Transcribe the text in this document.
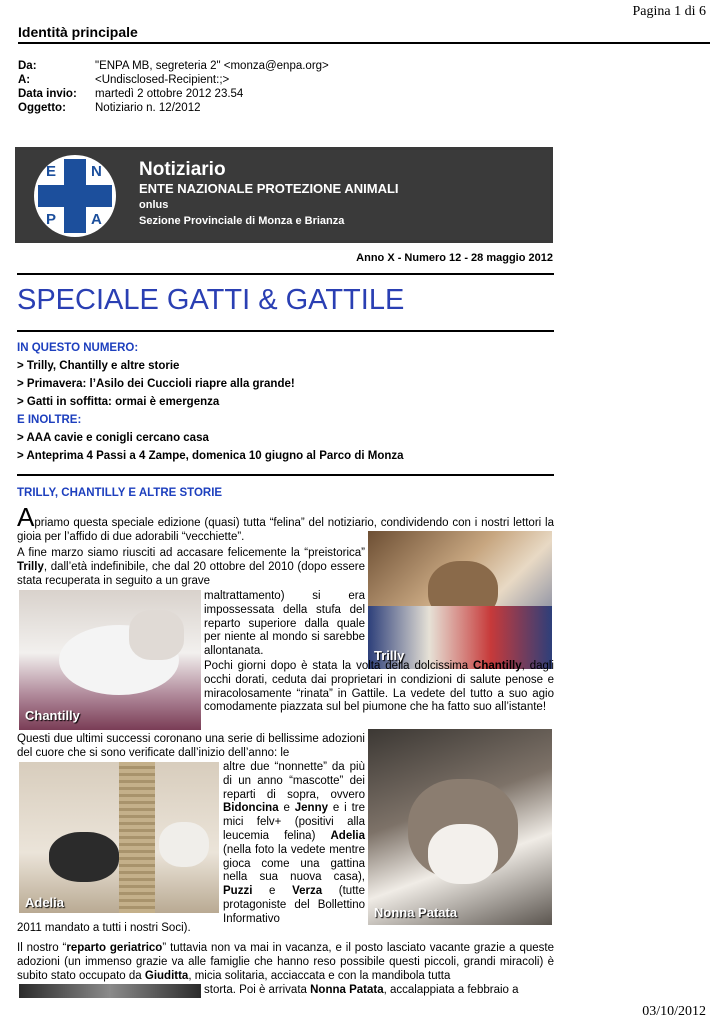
Pagina 1 di 6
Identità principale
Da:	"ENPA MB, segreteria 2" <monza@enpa.org>
A:	<Undisclosed-Recipient:;>
Data invio: martedì 2 ottobre 2012 23.54
Oggetto:	Notiziario n. 12/2012
E N
P A
Notiziario
ENTE NAZIONALE PROTEZIONE ANIMALI
onlus
Sezione Provinciale di Monza e Brianza
Anno X - Numero 12 - 28 maggio 2012
SPECIALE GATTI & GATTILE
IN QUESTO NUMERO:
> Trilly, Chantilly e altre storie
> Primavera: l’Asilo dei Cuccioli riapre alla grande!
> Gatti in soffitta: ormai è emergenza
E INOLTRE:
> AAA cavie e conigli cercano casa
> Anteprima 4 Passi a 4 Zampe, domenica 10 giugno al Parco di Monza
TRILLY, CHANTILLY E ALTRE STORIE
Apriamo questa speciale edizione (quasi) tutta “felina” del notiziario, condividendo con i nostri lettori la gioia per l’affido di due adorabili “vecchiette”.
Trilly
A fine marzo siamo riusciti ad accasare felicemente la “preistorica” Trilly, dall’età indefinibile, che dal 20 ottobre del 2010 (dopo essere stata recuperata in seguito a un grave
Chantilly
maltrattamento) si era impossessata della stufa del reparto superiore dalla quale per niente al mondo si sarebbe allontanata.
Pochi giorni dopo è stata la volta della dolcissima Chantilly, dagli occhi dorati, ceduta dai proprietari in condizioni di salute penose e miracolosamente “rinata” in Gattile. La vedete del tutto a suo agio comodamente piazzata sul bel piumone che ha fatto suo all’istante!
Questi due ultimi successi coronano una serie di bellissime adozioni del cuore che si sono verificate dall’inizio dell’anno: le
Nonna Patata
Adelia
altre due “nonnette” da più di un anno “mascotte” dei reparti di sopra, ovvero Bidoncina e Jenny e i tre mici felv+ (positivi alla leucemia felina) Adelia (nella foto la vedete mentre gioca come una gattina nella sua nuova casa), Puzzi e Verza (tutte protagoniste del Bollettino Informativo
2011 mandato a tutti i nostri Soci).
Il nostro “reparto geriatrico” tuttavia non va mai in vacanza, e il posto lasciato vacante grazie a queste adozioni (un immenso grazie va alle famiglie che hanno reso possibile questi piccoli, grandi miracoli) è subito stato occupato da Giuditta, micia solitaria, acciaccata e con la mandibola tutta
storta. Poi è arrivata Nonna Patata, accalappiata a febbraio a
03/10/2012
